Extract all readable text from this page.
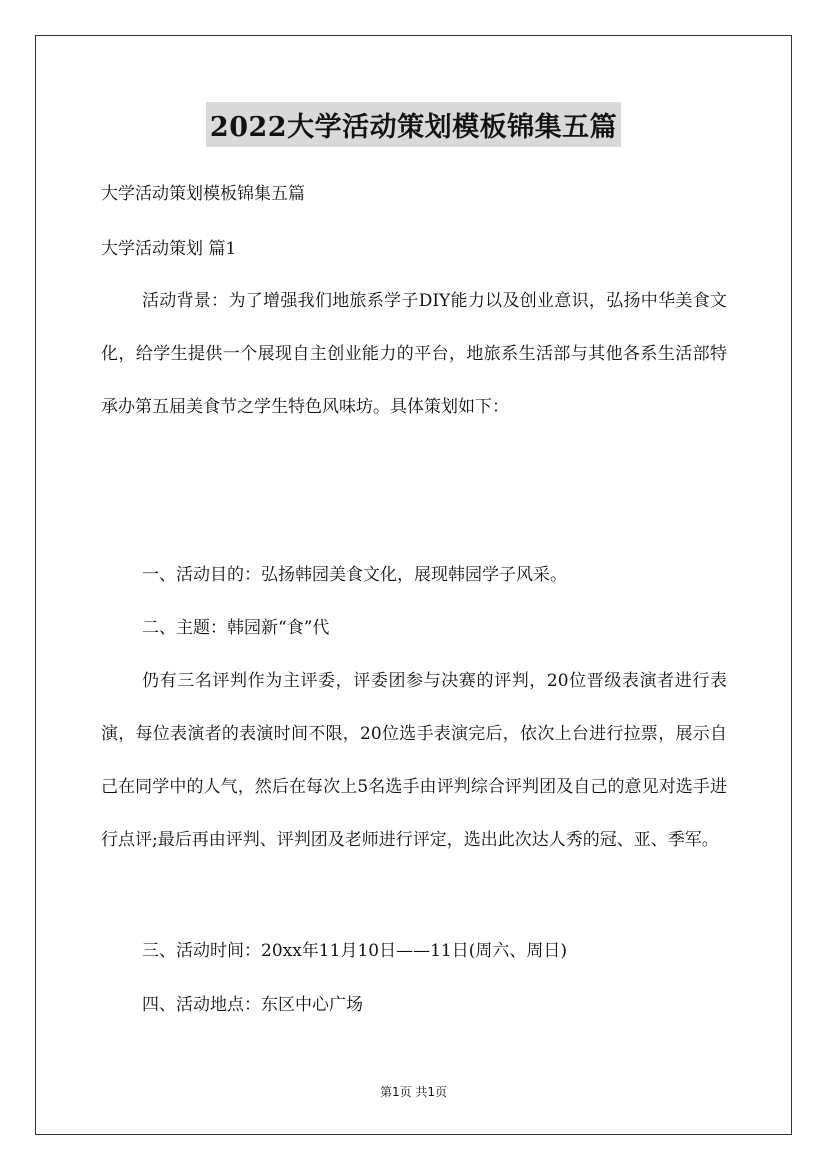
2022大学活动策划模板锦集五篇
大学活动策划模板锦集五篇
大学活动策划 篇1
活动背景：为了增强我们地旅系学子DIY能力以及创业意识，弘扬中华美食文化，给学生提供一个展现自主创业能力的平台，地旅系生活部与其他各系生活部特承办第五届美食节之学生特色风味坊。具体策划如下：
一、活动目的：弘扬韩园美食文化，展现韩园学子风采。
二、主题：韩园新“食”代
仍有三名评判作为主评委，评委团参与决赛的评判，20位晋级表演者进行表演，每位表演者的表演时间不限，20位选手表演完后，依次上台进行拉票，展示自己在同学中的人气，然后在每次上5名选手由评判综合评判团及自己的意见对选手进行点评;最后再由评判、评判团及老师进行评定，选出此次达人秀的冠、亚、季军。
三、活动时间：20xx年11月10日——11日(周六、周日)
四、活动地点：东区中心广场
第1页 共1页
